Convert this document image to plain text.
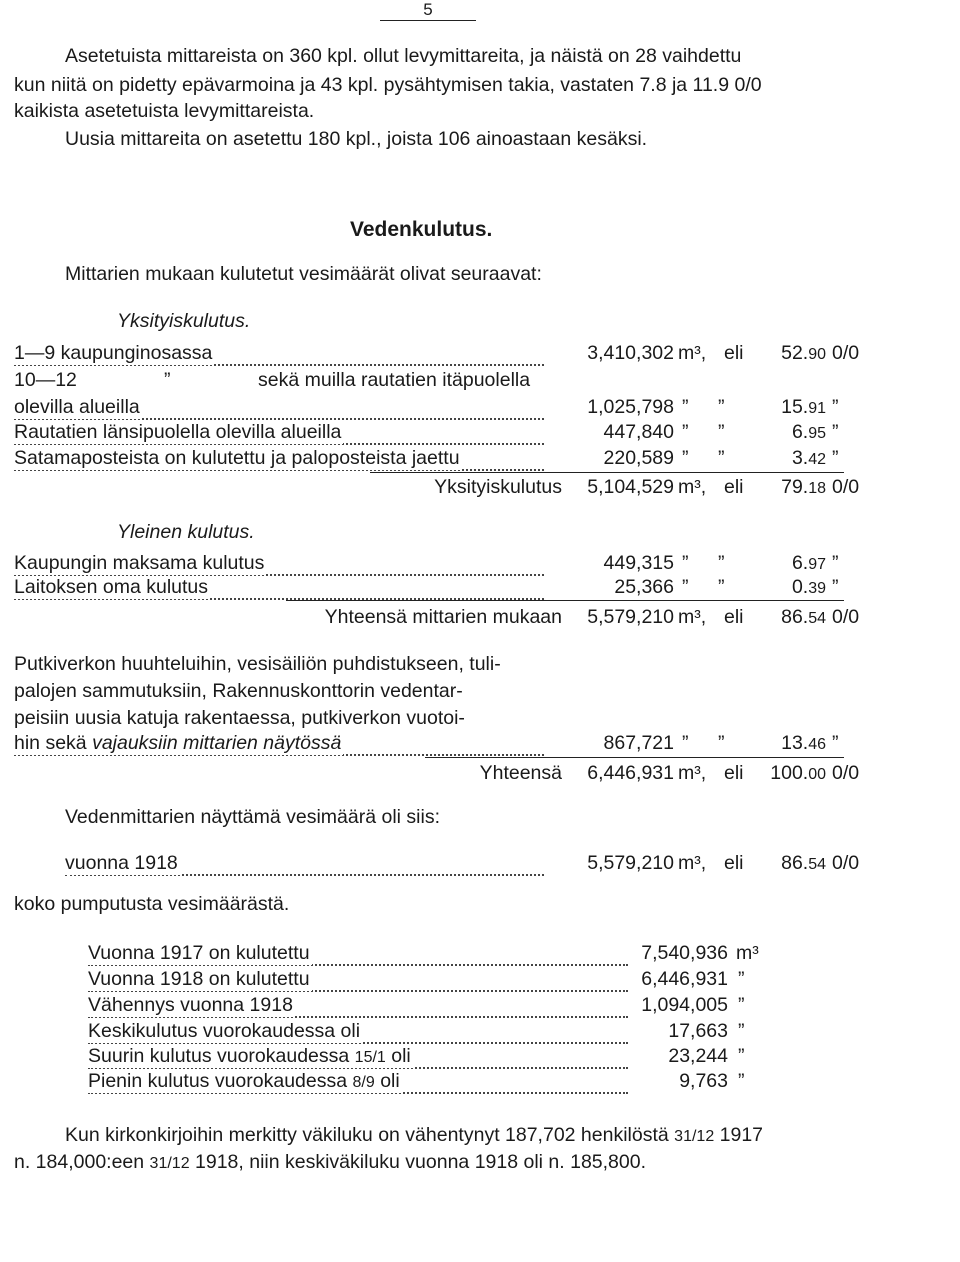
5
Asetetuista mittareista on 360 kpl. ollut levymittareita, ja näistä on 28 vaihdettu
kun niitä on pidetty epävarmoina ja 43 kpl. pysähtymisen takia, vastaten 7.8 ja 11.9 0/0
kaikista asetetuista levymittareista.
Uusia mittareita on asetettu 180 kpl., joista 106 ainoastaan kesäksi.
Vedenkulutus.
Mittarien mukaan kulutetut vesimäärät olivat seuraavat:
Yksityiskulutus.
1—9 kaupunginosassa	3,410,302 m³, eli	52.90 0/0
10—12	”	sekä muilla rautatien itäpuolella
olevilla alueilla	1,025,798 ” ”	15.91 ”
Rautatien länsipuolella olevilla alueilla	447,840 ” ”	6.95 ”
Satamaposteista on kulutettu ja paloposteista jaettu	220,589 ” ”	3.42 ”
Yksityiskulutus	5,104,529 m³, eli	79.18 0/0
Yleinen kulutus.
Kaupungin maksama kulutus	449,315 ” ”	6.97 ”
Laitoksen oma kulutus	25,366 ” ”	0.39 ”
Yhteensä mittarien mukaan	5,579,210 m³, eli	86.54 0/0
Putkiverkon huuhteluihin, vesisäiliön puhdistukseen, tuli-
palojen sammutuksiin, Rakennuskonttorin vedentar-
peisiin uusia katuja rakentaessa, putkiverkon vuotoi-
hin sekä vajauksiin mittarien näytössä	867,721 ” ”	13.46 ”
Yhteensä	6,446,931 m³, eli	100.00 0/0
Vedenmittarien näyttämä vesimäärä oli siis:
vuonna 1918	5,579,210 m³, eli	86.54 0/0
koko pumputusta vesimäärästä.
Vuonna 1917 on kulutettu	7,540,936 m³
Vuonna 1918 on kulutettu	6,446,931 ”
Vähennys vuonna 1918	1,094,005 ”
Keskikulutus vuorokaudessa oli	17,663 ”
Suurin kulutus vuorokaudessa 15/1 oli	23,244 ”
Pienin kulutus vuorokaudessa 8/9 oli	9,763 ”
Kun kirkonkirjoihin merkitty väkiluku on vähentynyt 187,702 henkilöstä 31/12 1917
n. 184,000:een 31/12 1918, niin keskiväkiluku vuonna 1918 oli n. 185,800.
